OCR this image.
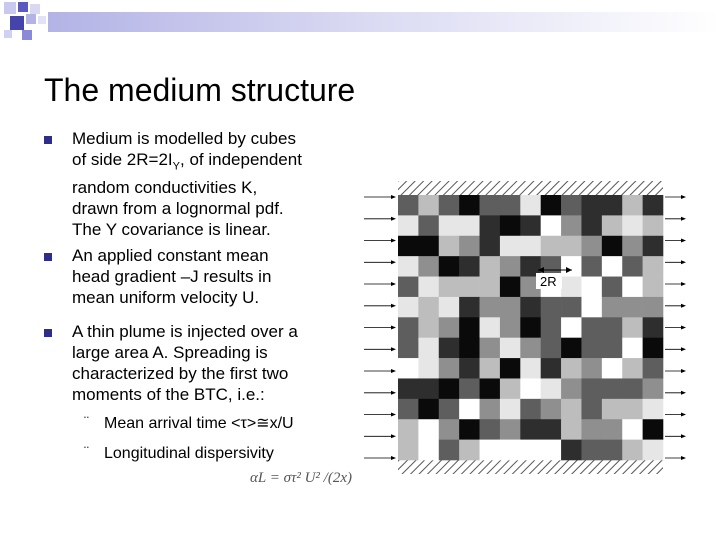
The medium structure
Medium is modelled by cubes
of side $2R=2I_Y$, of independent
random conductivities K,
drawn from a lognormal pdf.
The Y covariance is linear.
An applied constant mean
head gradient –J results in
mean uniform velocity U.
A thin plume is injected over a
large area A. Spreading is
characterized by the first two
moments of the BTC, i.e.:
¨ Mean arrival time <τ>≅x/U
¨ Longitudinal dispersivity
αL = στ² U² /(2x)
2R
